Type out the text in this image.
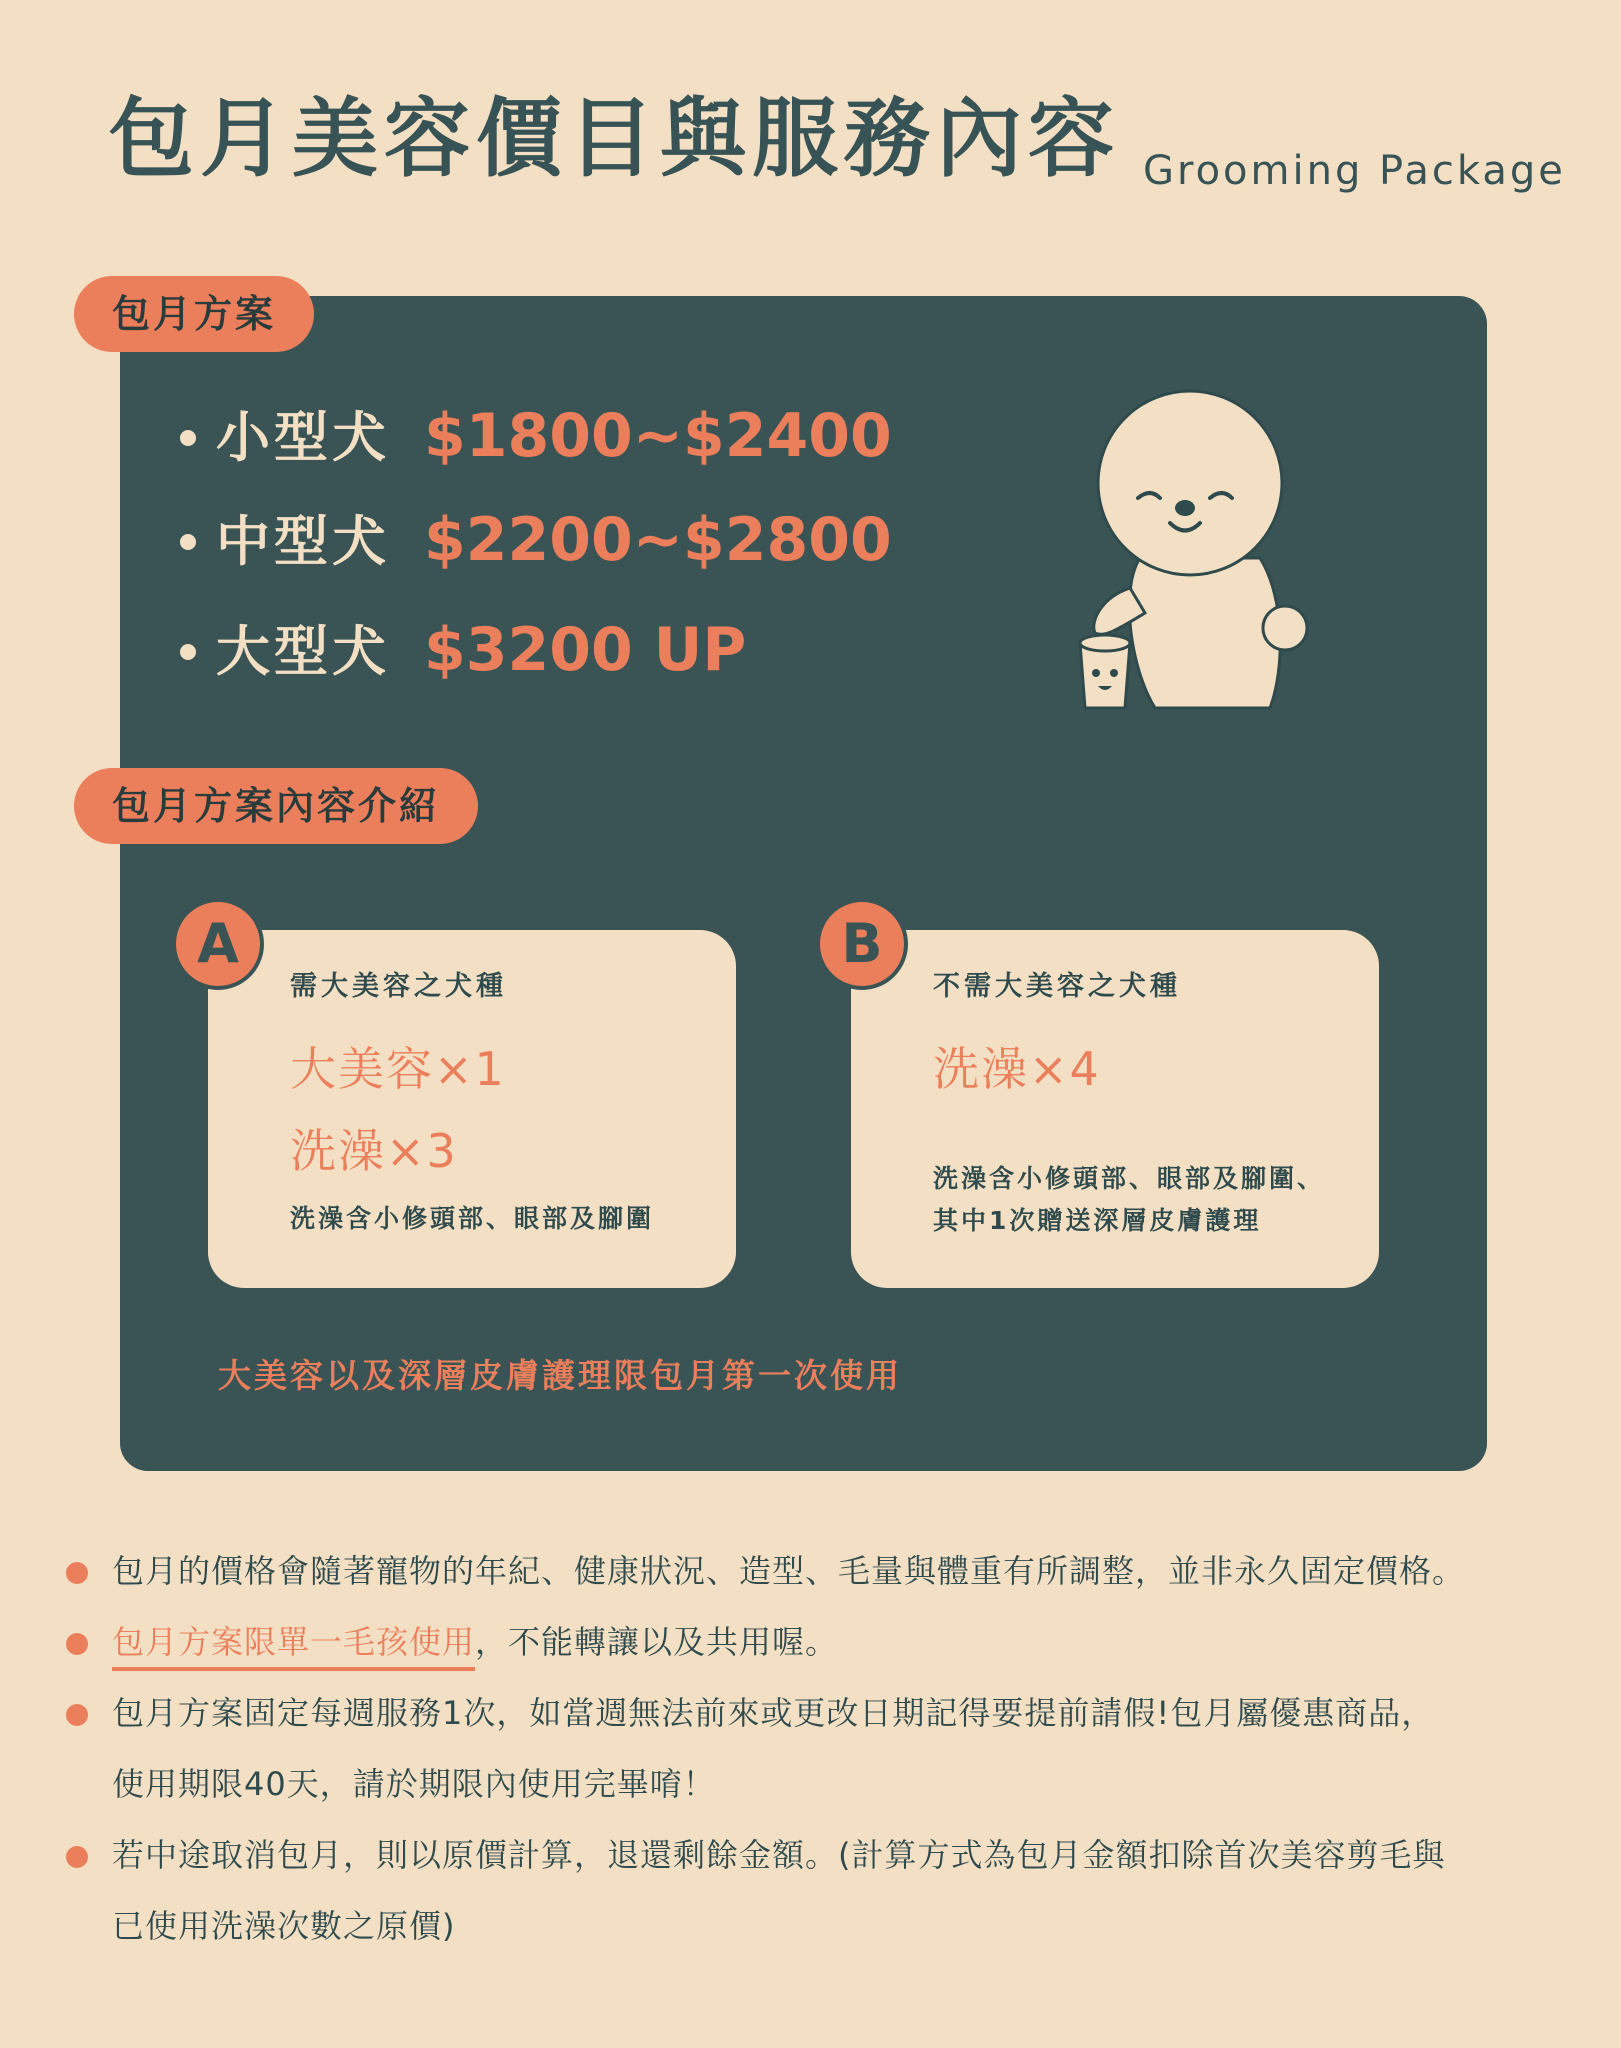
包月美容價目與服務內容 Grooming Package
包月方案
小型犬 $1800~$2400
中型犬 $2200~$2800
大型犬 $3200 UP
包月方案內容介紹
需大美容之犬種
大美容×1
洗澡×3
洗澡含小修頭部、眼部及腳圍
A
不需大美容之犬種
洗澡×4
洗澡含小修頭部、眼部及腳圍、
其中1次贈送深層皮膚護理
B
大美容以及深層皮膚護理限包月第一次使用
包月的價格會隨著寵物的年紀、健康狀況、造型、毛量與體重有所調整，並非永久固定價格。
包月方案限單一毛孩使用，不能轉讓以及共用喔。
包月方案固定每週服務1次，如當週無法前來或更改日期記得要提前請假!包月屬優惠商品，
使用期限40天，請於期限內使用完畢唷！
若中途取消包月，則以原價計算，退還剩餘金額。(計算方式為包月金額扣除首次美容剪毛與
已使用洗澡次數之原價)
